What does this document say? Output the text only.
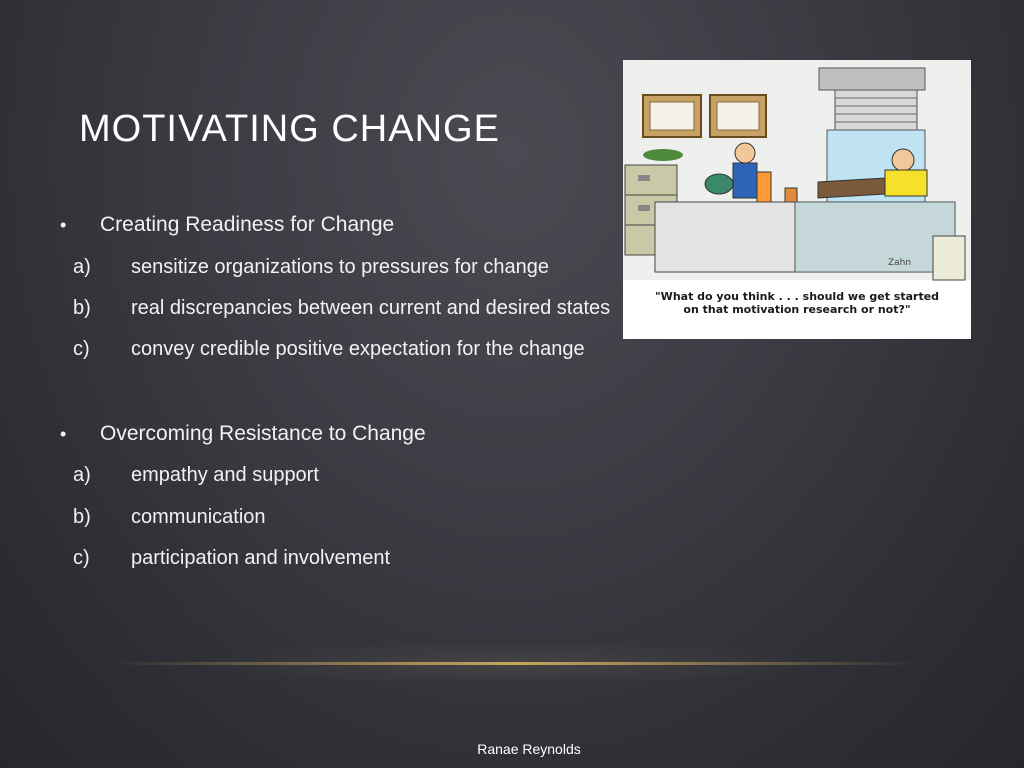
MOTIVATING CHANGE
• Creating Readiness for Change
a) sensitize organizations to pressures for change
b) real discrepancies between current and desired states
c) convey credible positive expectation for the change
• Overcoming Resistance to Change
a) empathy and support
b) communication
c) participation and involvement
Zahn
"What do you think . . . should we get started
on that motivation research or not?"
Ranae Reynolds
